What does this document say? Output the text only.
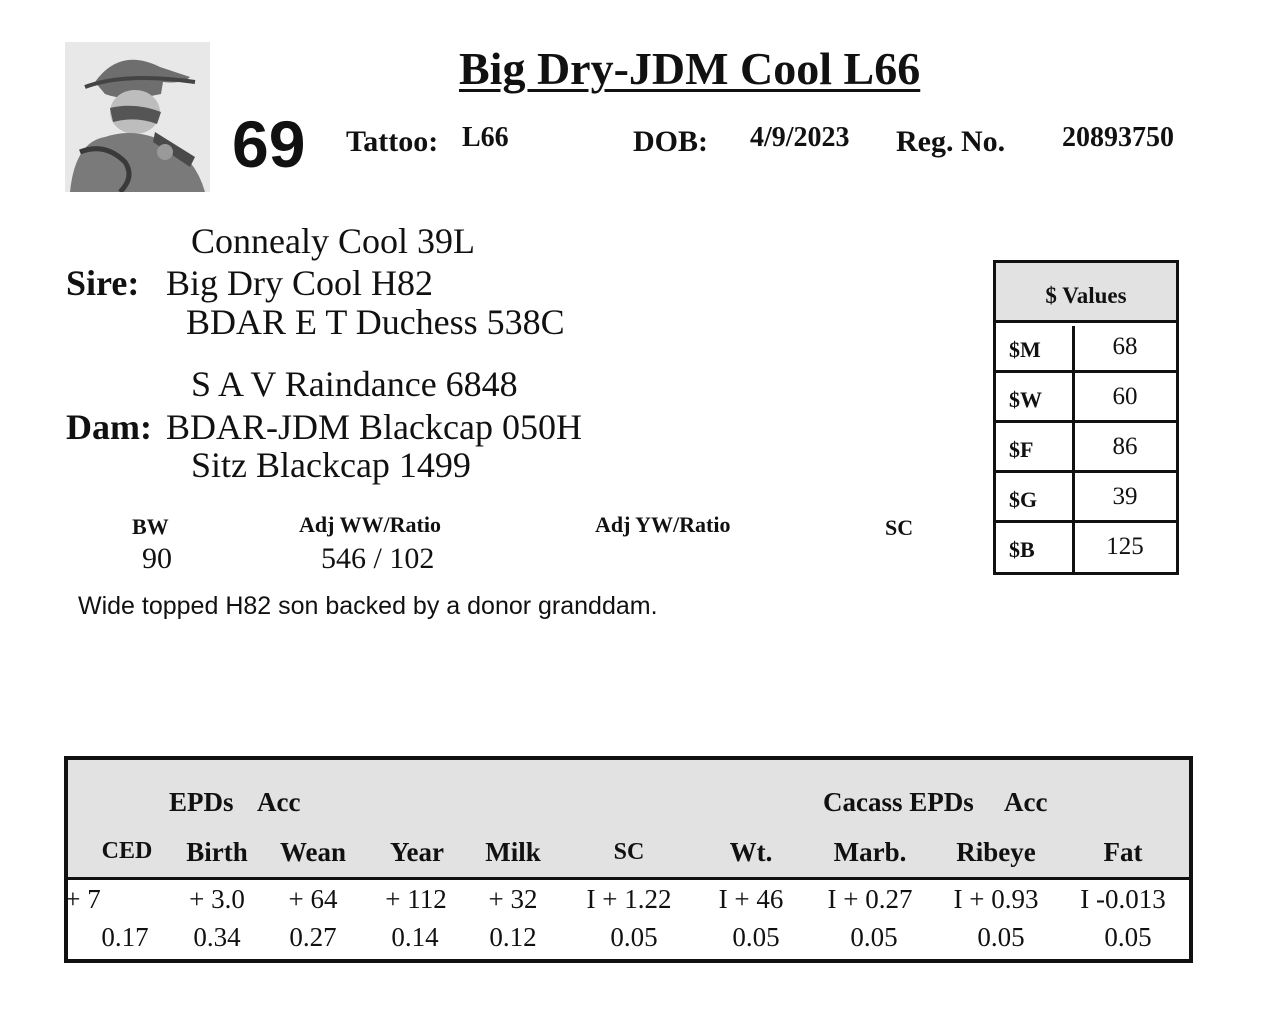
Big Dry-JDM Cool L66
69 Tattoo: L66	DOB: 4/9/2023 Reg. No. 20893750
Connealy Cool 39L
Sire: Big Dry Cool H82
BDAR E T Duchess 538C
S A V Raindance 6848
Dam: BDAR-JDM Blackcap 050H
Sitz Blackcap 1499
BW
90
Adj WW/Ratio
546 / 102
Adj YW/Ratio	SC
Wide topped H82 son backed by a donor granddam.
$ Values
$M	68
$W	60
$F	86
$G	39
$B	125
EPDs Acc	Cacass EPDs Acc
CED	Birth	Wean	Year	Milk	SC	Wt.	Marb.	Ribeye	Fat
+ 7	+ 3.0	+ 64	+ 112	+ 32	I + 1.22	I + 46	I + 0.27	I + 0.93	I -0.013
0.17	0.34	0.27	0.14	0.12	0.05	0.05	0.05	0.05	0.05
